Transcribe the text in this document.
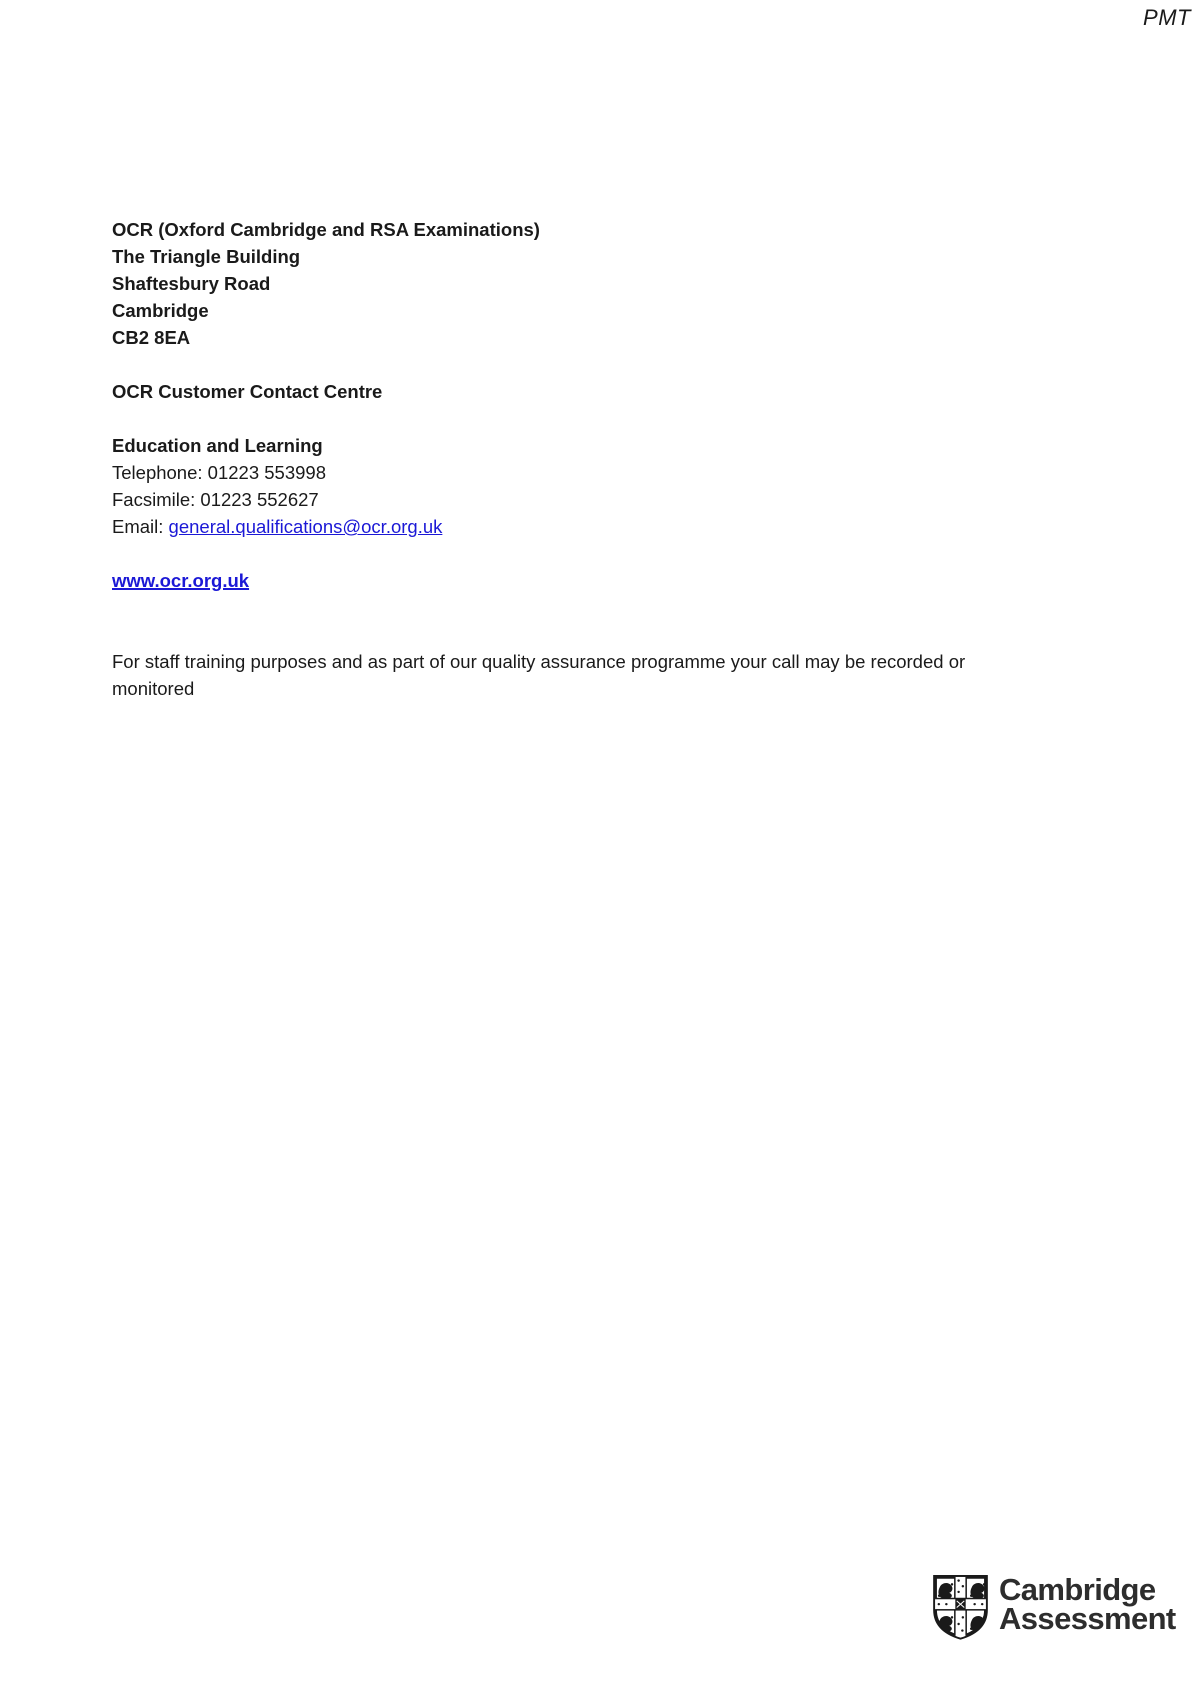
PMT

OCR (Oxford Cambridge and RSA Examinations)

The Triangle Building

Shaftesbury Road

Cambridge

CB2 8EA

OCR Customer Contact Centre

Education and Learning

Telephone: 01223 553998

Facsimile: 01223 552627

Email: general.qualifications@ocr.org.uk

www.ocr.org.uk

For staff training purposes and as part of our quality assurance programme your call may be recorded or monitored

Cambridge
Assessment
